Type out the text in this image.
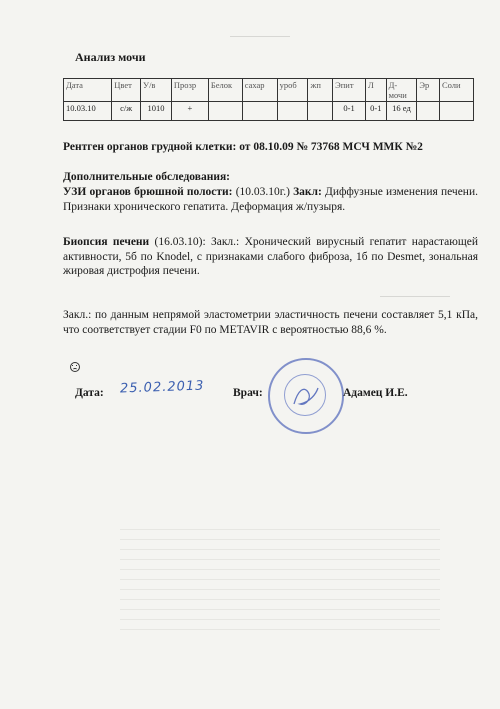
Анализ мочи
Дата	Цвет	У/в	Прозр	Белок	сахар	уроб	жп	Эпит	Л	Д-мочи	Эр	Соли
10.03.10	с/ж	1010	+					0-1	0-1	16 ед		
Рентген органов грудной клетки: от 08.10.09 № 73768 МСЧ ММК №2
Дополнительные обследования:
УЗИ органов брюшной полости: (10.03.10г.) Закл: Диффузные изменения печени. Признаки хронического гепатита. Деформация ж/пузыря.
Биопсия печени (16.03.10): Закл.: Хронический вирусный гепатит нарастающей активности, 5б по Knodel, с признаками слабого фиброза, 1б по Desmet, зональная жировая дистрофия печени.
Закл.: по данным непрямой эластометрии эластичность печени составляет 5,1 кПа, что соответствует стадии F0 по METAVIR с вероятностью 88,6 %.
Дата: 25.02.2013 Врач:	Адамец И.Е.
